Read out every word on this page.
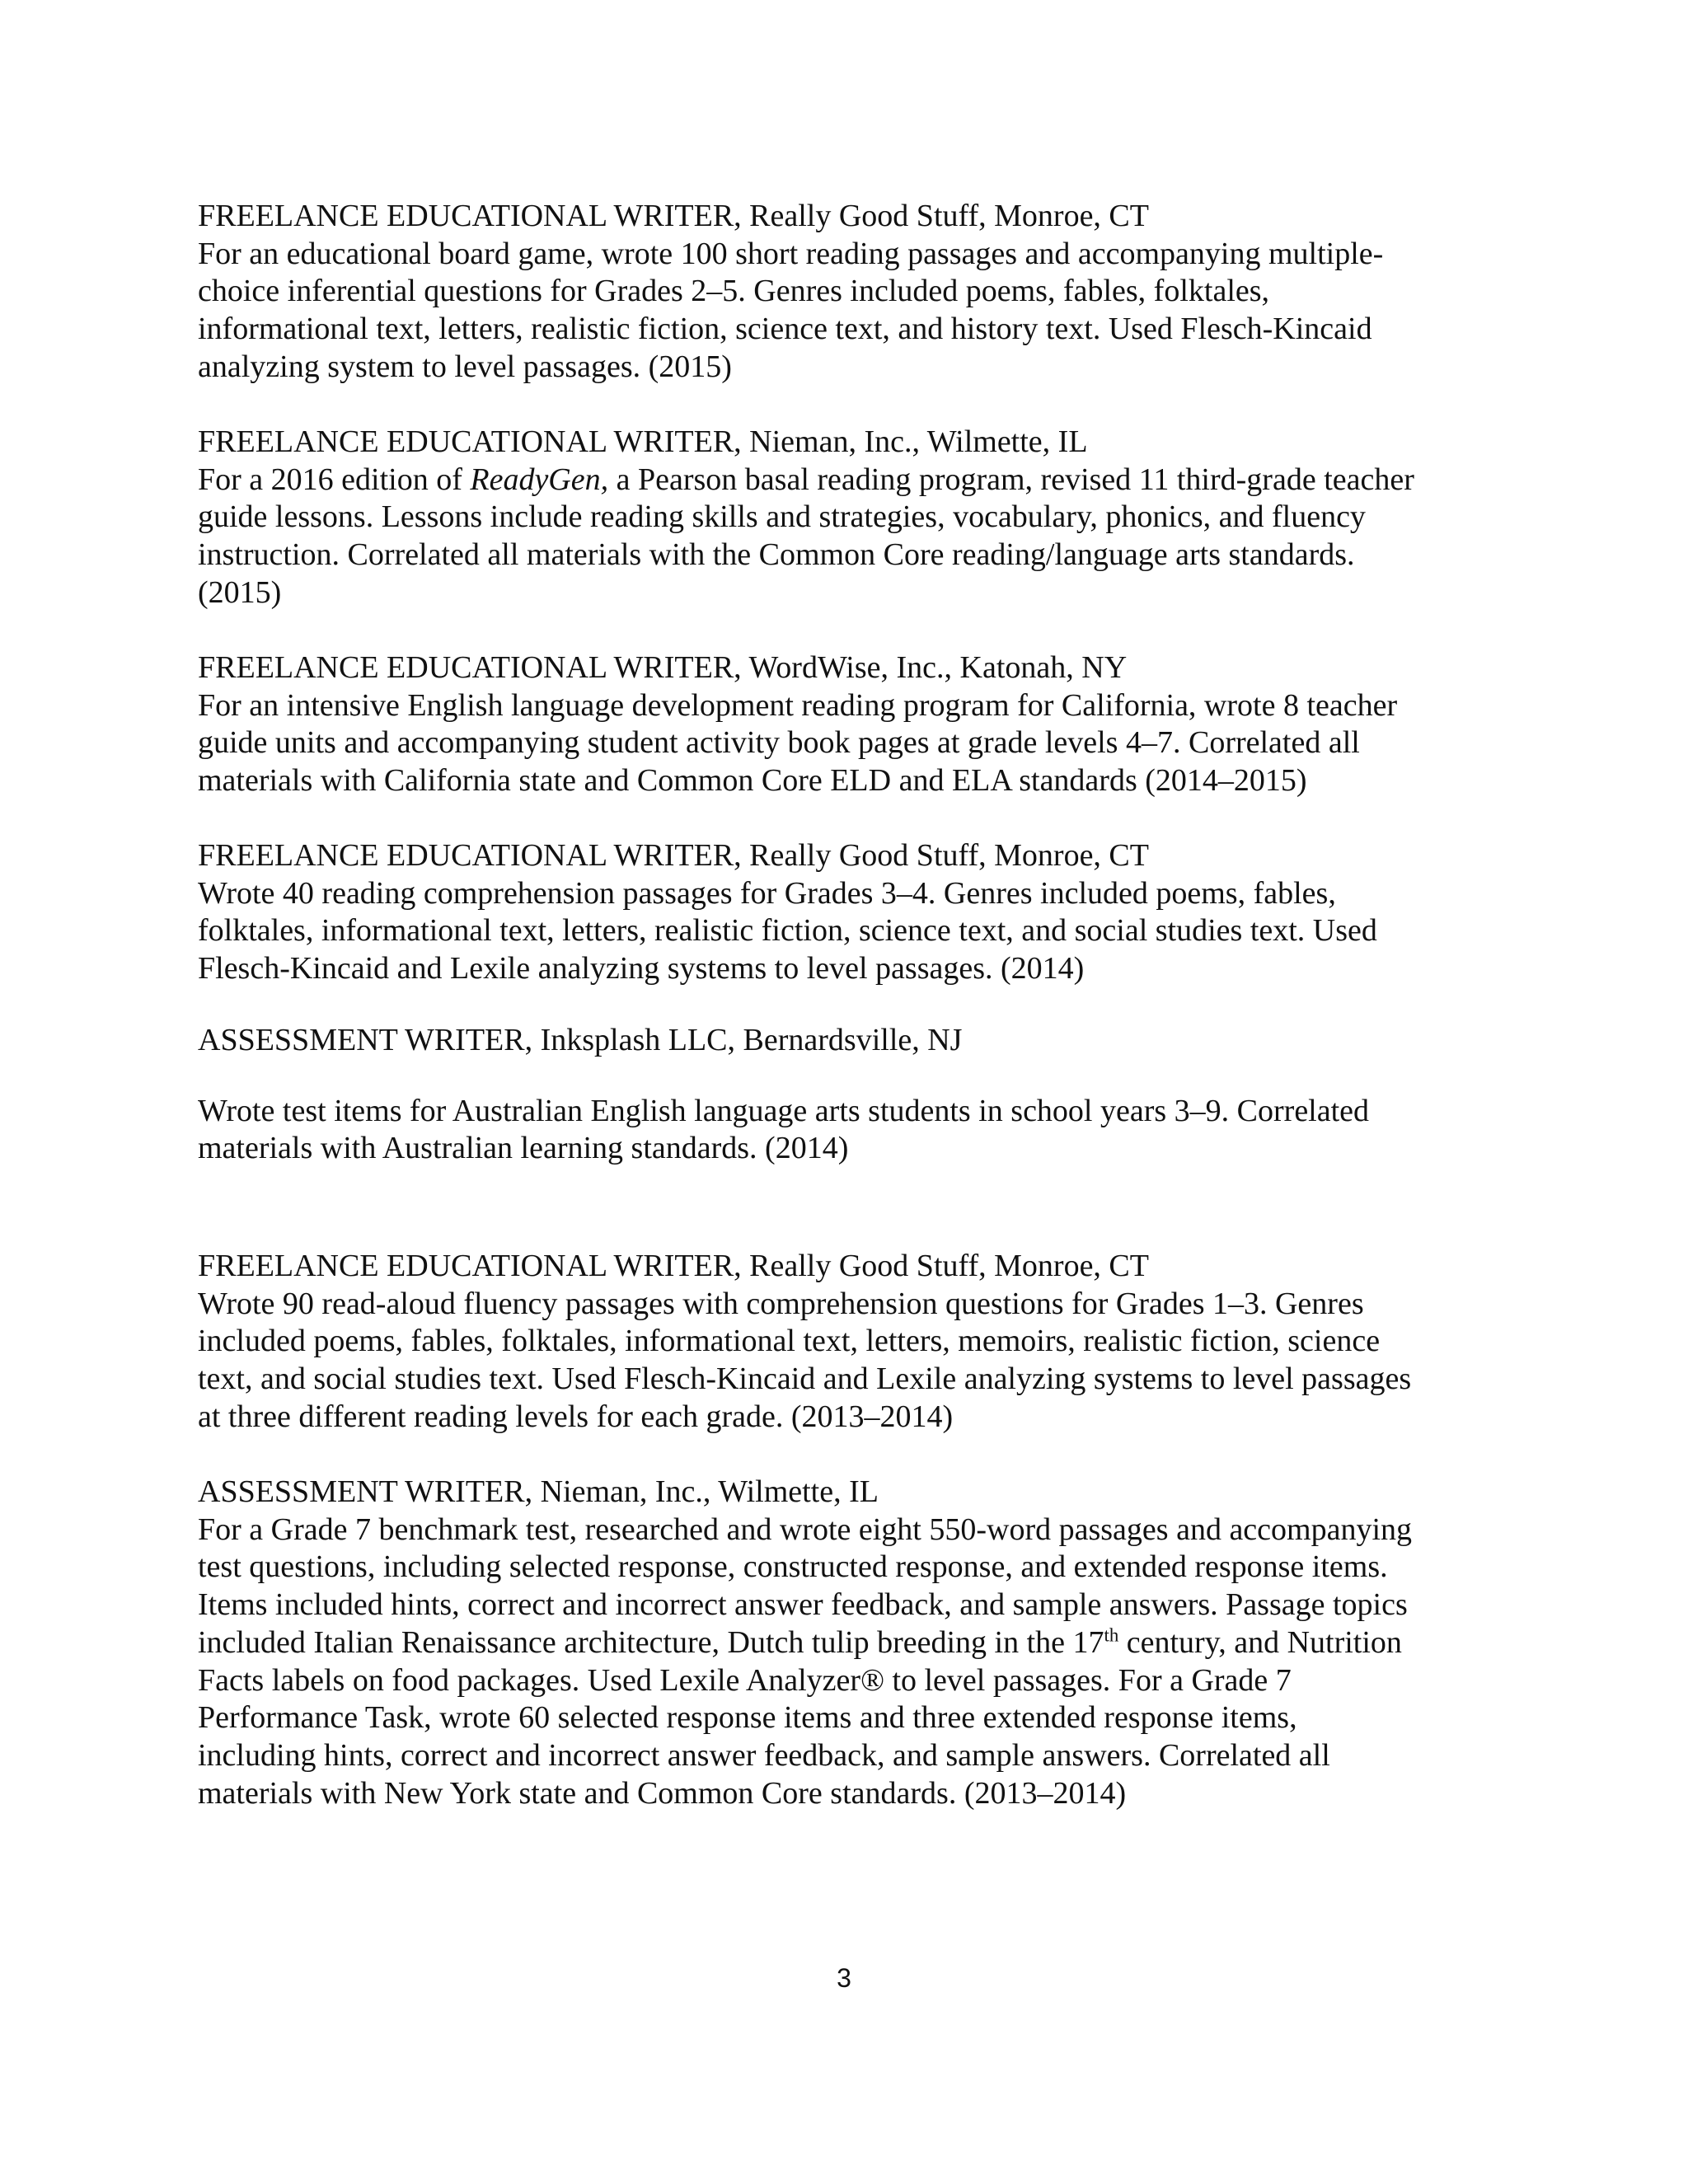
FREELANCE EDUCATIONAL WRITER, Really Good Stuff, Monroe, CT

For an educational board game, wrote 100 short reading passages and accompanying multiple-

choice inferential questions for Grades 2–5. Genres included poems, fables, folktales,

informational text, letters, realistic fiction, science text, and history text. Used Flesch-Kincaid

analyzing system to level passages. (2015)

FREELANCE EDUCATIONAL WRITER, Nieman, Inc., Wilmette, IL

For a 2016 edition of ReadyGen, a Pearson basal reading program, revised 11 third-grade teacher

guide lessons. Lessons include reading skills and strategies, vocabulary, phonics, and fluency

instruction. Correlated all materials with the Common Core reading/language arts standards.

(2015)

FREELANCE EDUCATIONAL WRITER, WordWise, Inc., Katonah, NY

For an intensive English language development reading program for California, wrote 8 teacher

guide units and accompanying student activity book pages at grade levels 4–7. Correlated all

materials with California state and Common Core ELD and ELA standards (2014–2015)

FREELANCE EDUCATIONAL WRITER, Really Good Stuff, Monroe, CT

Wrote 40 reading comprehension passages for Grades 3–4. Genres included poems, fables,

folktales, informational text, letters, realistic fiction, science text, and social studies text. Used

Flesch-Kincaid and Lexile analyzing systems to level passages. (2014)

ASSESSMENT WRITER, Inksplash LLC, Bernardsville, NJ

Wrote test items for Australian English language arts students in school years 3–9. Correlated

materials with Australian learning standards. (2014)

FREELANCE EDUCATIONAL WRITER, Really Good Stuff, Monroe, CT

Wrote 90 read-aloud fluency passages with comprehension questions for Grades 1–3. Genres

included poems, fables, folktales, informational text, letters, memoirs, realistic fiction, science

text, and social studies text. Used Flesch-Kincaid and Lexile analyzing systems to level passages

at three different reading levels for each grade. (2013–2014)

ASSESSMENT WRITER, Nieman, Inc., Wilmette, IL

For a Grade 7 benchmark test, researched and wrote eight 550-word passages and accompanying

test questions, including selected response, constructed response, and extended response items.

Items included hints, correct and incorrect answer feedback, and sample answers. Passage topics

included Italian Renaissance architecture, Dutch tulip breeding in the 17th century, and Nutrition

Facts labels on food packages. Used Lexile Analyzer® to level passages. For a Grade 7

Performance Task, wrote 60 selected response items and three extended response items,

including hints, correct and incorrect answer feedback, and sample answers. Correlated all

materials with New York state and Common Core standards. (2013–2014)

3
